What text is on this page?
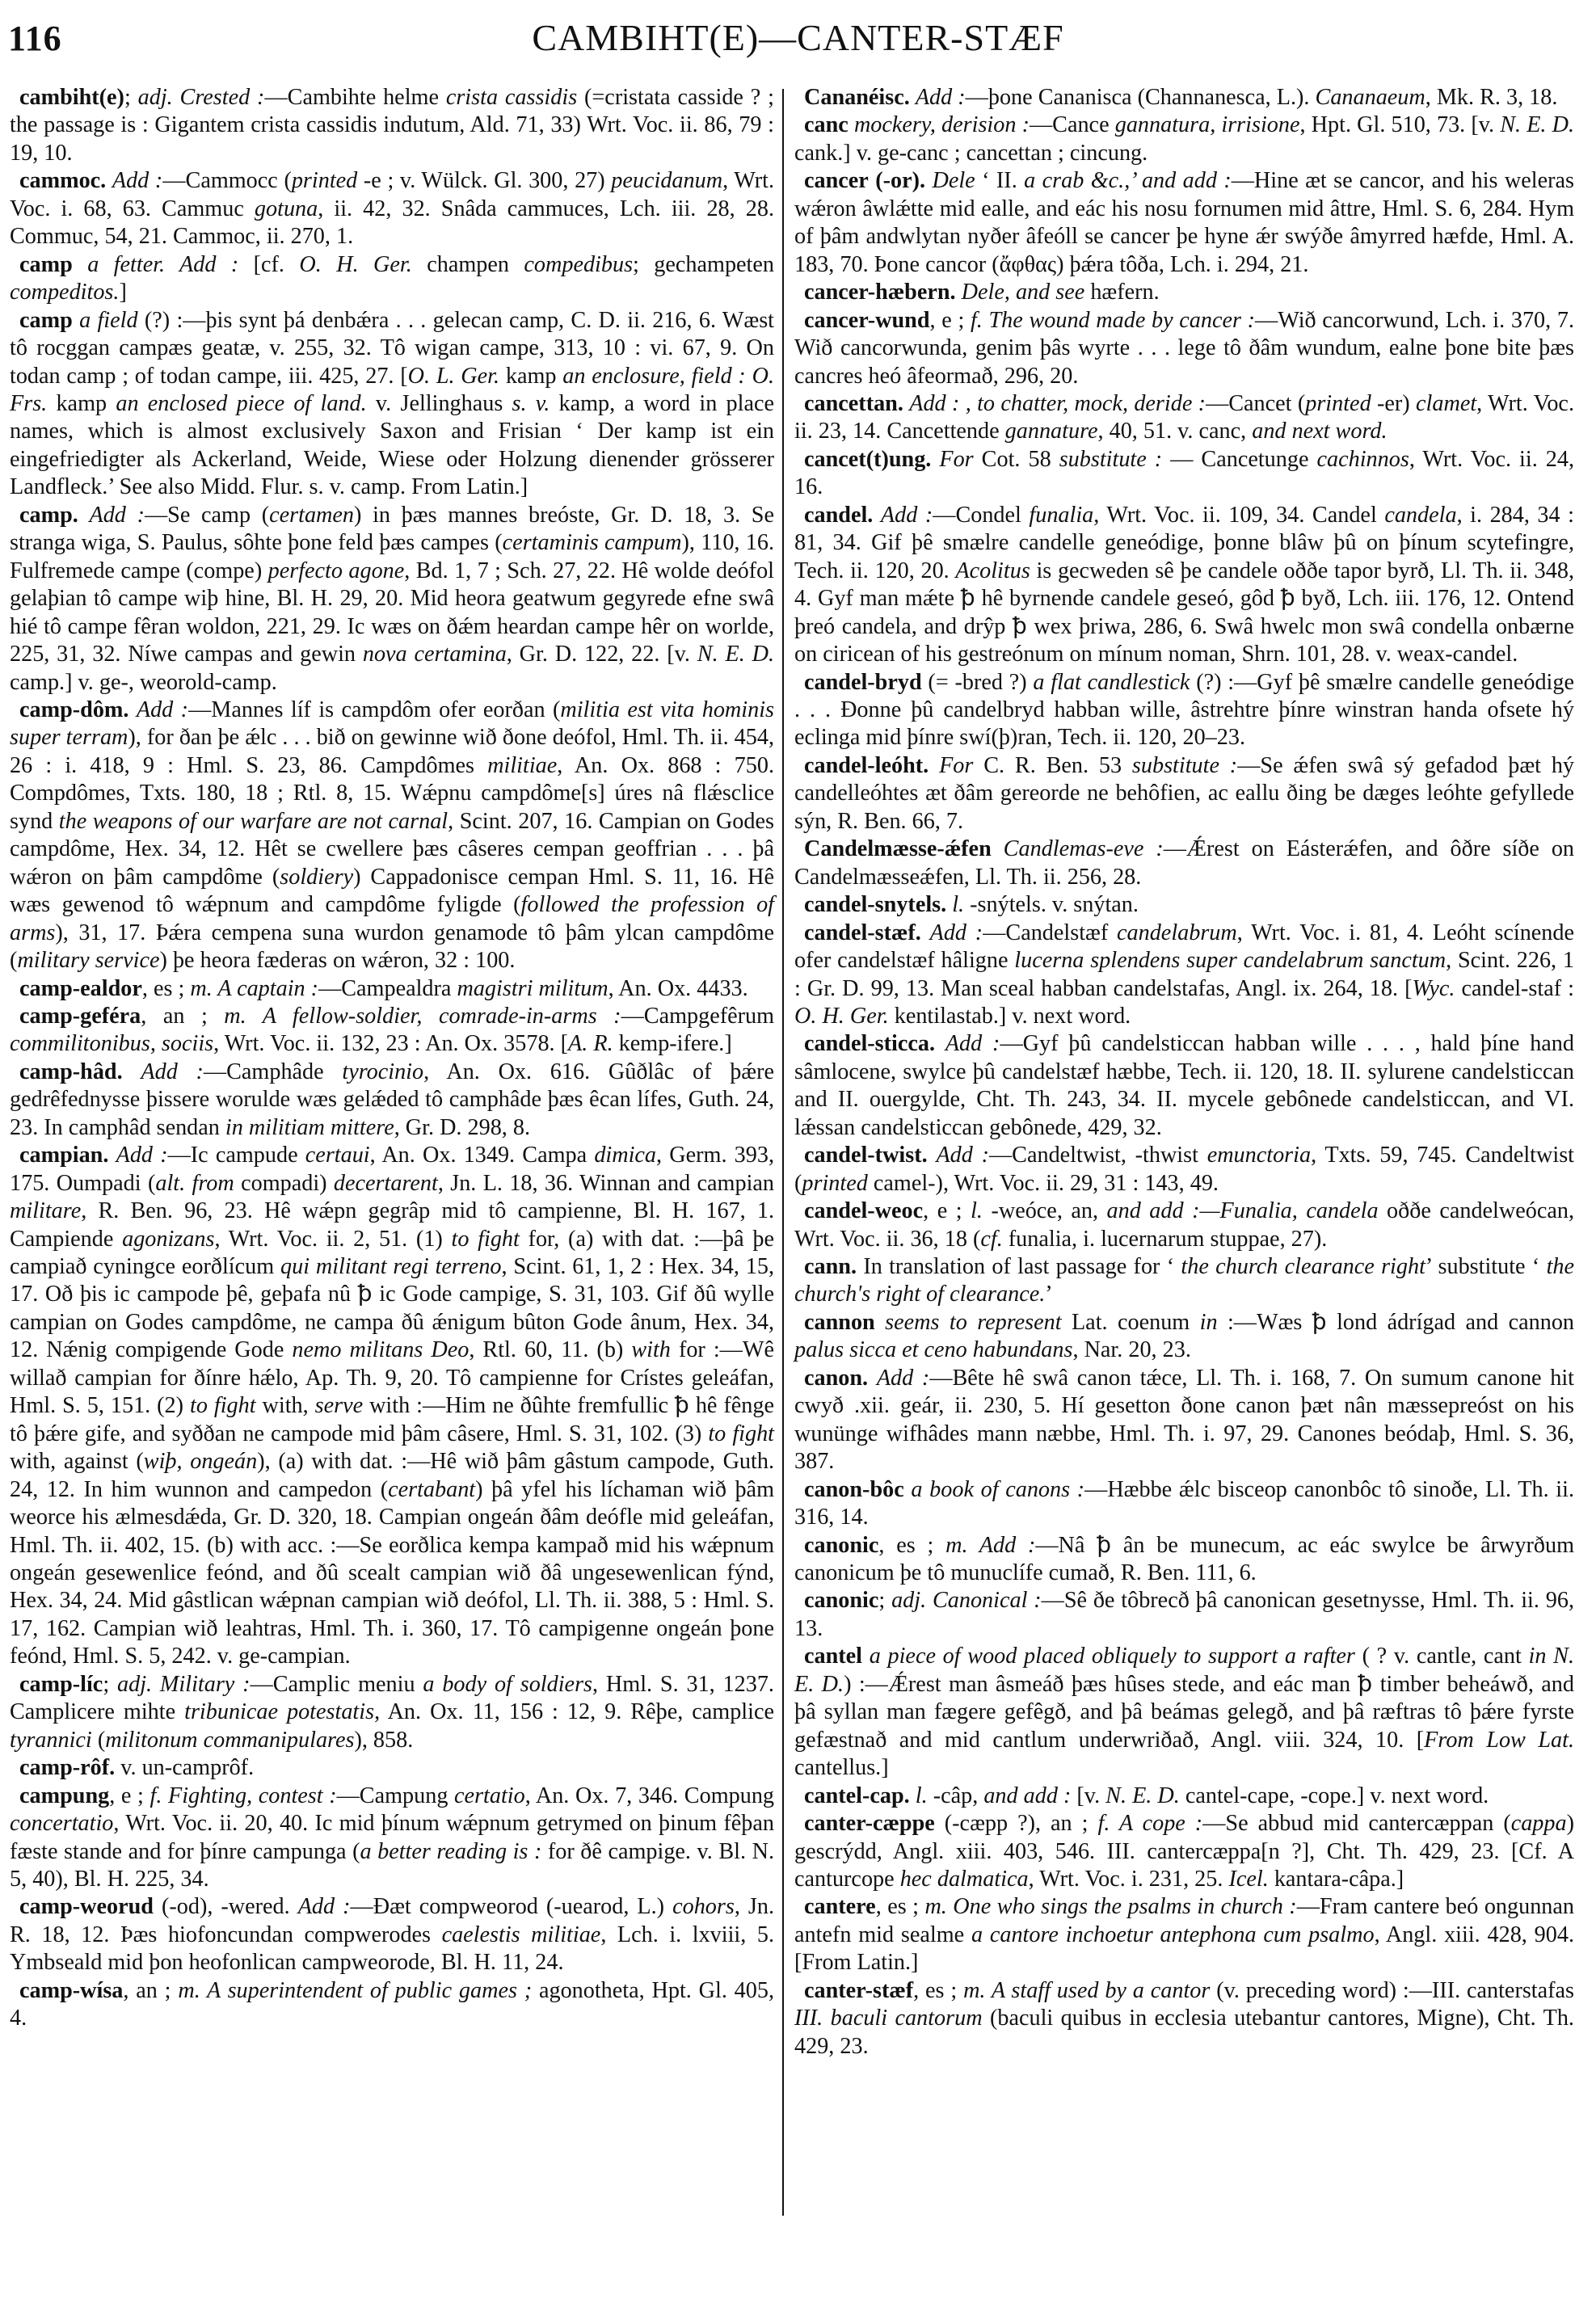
116	CAMBIHT(E)—CANTER-STÆF

cambiht(e); adj. Crested :—Cambihte helme crista cassidis (=cristata casside ? ; the passage is : Gigantem crista cassidis indutum, Ald. 71, 33) Wrt. Voc. ii. 86, 79 : 19, 10.

cammoc. Add :—Cammocc (printed -e ; v. Wülck. Gl. 300, 27) peucidanum, Wrt. Voc. i. 68, 63. Cammuc gotuna, ii. 42, 32. Snâda cammuces, Lch. iii. 28, 28. Commuc, 54, 21. Cammoc, ii. 270, 1.

camp a fetter. Add : [cf. O. H. Ger. champen compedibus; gechampeten compeditos.]

camp a field (?) :—þis synt þá denbǽra . . . gelecan camp, C. D. ii. 216, 6. Wæst tô rocggan campæs geatæ, v. 255, 32. Tô wigan campe, 313, 10 : vi. 67, 9. On todan camp ; of todan campe, iii. 425, 27. [O. L. Ger. kamp an enclosure, field : O. Frs. kamp an enclosed piece of land. v. Jellinghaus s. v. kamp, a word in place names, which is almost exclusively Saxon and Frisian ‘ Der kamp ist ein eingefriedigter als Ackerland, Weide, Wiese oder Holzung dienender grösserer Landfleck.’ See also Midd. Flur. s. v. camp. From Latin.]

camp. Add :—Se camp (certamen) in þæs mannes breóste, Gr. D. 18, 3. Se stranga wiga, S. Paulus, sôhte þone feld þæs campes (certaminis campum), 110, 16. Fulfremede campe (compe) perfecto agone, Bd. 1, 7 ; Sch. 27, 22. Hê wolde deófol gelaþian tô campe wiþ hine, Bl. H. 29, 20. Mid heora geatwum gegyrede efne swâ hié tô campe fêran woldon, 221, 29. Ic wæs on ðǽm heardan campe hêr on worlde, 225, 31, 32. Níwe campas and gewin nova certamina, Gr. D. 122, 22. [v. N. E. D. camp.] v. ge-, weorold-camp.

camp-dôm. Add :—Mannes líf is campdôm ofer eorðan (militia est vita hominis super terram), for ðan þe ǽlc . . . bið on gewinne wið ðone deófol, Hml. Th. ii. 454, 26 : i. 418, 9 : Hml. S. 23, 86. Campdômes militiae, An. Ox. 868 : 750. Compdômes, Txts. 180, 18 ; Rtl. 8, 15. Wǽpnu campdôme[s] úres nâ flǽsclice synd the weapons of our warfare are not carnal, Scint. 207, 16. Campian on Godes campdôme, Hex. 34, 12. Hêt se cwellere þæs câseres cempan geoffrian . . . þâ wǽron on þâm campdôme (soldiery) Cappadonisce cempan Hml. S. 11, 16. Hê wæs gewenod tô wǽpnum and campdôme fyligde (followed the profession of arms), 31, 17. Þǽra cempena suna wurdon genamode tô þâm ylcan campdôme (military service) þe heora fæderas on wǽron, 32 : 100.

camp-ealdor, es ; m. A captain :—Campealdra magistri militum, An. Ox. 4433.

camp-geféra, an ; m. A fellow-soldier, comrade-in-arms :—Campgefêrum commilitonibus, sociis, Wrt. Voc. ii. 132, 23 : An. Ox. 3578. [A. R. kemp-ifere.]

camp-hâd. Add :—Camphâde tyrocinio, An. Ox. 616. Gûðlâc of þǽre gedrêfednysse þissere worulde wæs gelǽded tô camphâde þæs êcan lífes, Guth. 24, 23. In camphâd sendan in militiam mittere, Gr. D. 298, 8.

campian. Add :—Ic campude certaui, An. Ox. 1349. Campa dimica, Germ. 393, 175. Oumpadi (alt. from compadi) decertarent, Jn. L. 18, 36. Winnan and campian militare, R. Ben. 96, 23. Hê wǽpn gegrâp mid tô campienne, Bl. H. 167, 1. Campiende agonizans, Wrt. Voc. ii. 2, 51. (1) to fight for, (a) with dat. :—þâ þe campiað cyningce eorðlícum qui militant regi terreno, Scint. 61, 1, 2 : Hex. 34, 15, 17. Oð þis ic campode þê, geþafa nû ꝥ ic Gode campige, S. 31, 103. Gif ðû wylle campian on Godes campdôme, ne campa ðû ǽnigum bûton Gode ânum, Hex. 34, 12. Nǽnig compigende Gode nemo militans Deo, Rtl. 60, 11. (b) with for :—Wê willað campian for ðínre hǽlo, Ap. Th. 9, 20. Tô campienne for Crístes geleáfan, Hml. S. 5, 151. (2) to fight with, serve with :—Him ne ðûhte fremfullic ꝥ hê fênge tô þǽre gife, and syððan ne campode mid þâm câsere, Hml. S. 31, 102. (3) to fight with, against (wiþ, ongeán), (a) with dat. :—Hê wið þâm gâstum campode, Guth. 24, 12. In him wunnon and campedon (certabant) þâ yfel his líchaman wið þâm weorce his ælmesdǽda, Gr. D. 320, 18. Campian ongeán ðâm deófle mid geleáfan, Hml. Th. ii. 402, 15. (b) with acc. :—Se eorðlica kempa kampað mid his wǽpnum ongeán gesewenlice feónd, and ðû scealt campian wið ðâ ungesewenlican fýnd, Hex. 34, 24. Mid gâstlican wǽpnan campian wið deófol, Ll. Th. ii. 388, 5 : Hml. S. 17, 162. Campian wið leahtras, Hml. Th. i. 360, 17. Tô campigenne ongeán þone feónd, Hml. S. 5, 242. v. ge-campian.

camp-líc; adj. Military :—Camplic meniu a body of soldiers, Hml. S. 31, 1237. Camplicere mihte tribunicae potestatis, An. Ox. 11, 156 : 12, 9. Rêþe, camplice tyrannici (militonum commanipulares), 858.

camp-rôf. v. un-camprôf.

campung, e ; f. Fighting, contest :—Campung certatio, An. Ox. 7, 346. Compung concertatio, Wrt. Voc. ii. 20, 40. Ic mid þínum wǽpnum getrymed on þinum fêþan fæste stande and for þínre campunga (a better reading is : for ðê campige. v. Bl. N. 5, 40), Bl. H. 225, 34.

camp-weorud (-od), -wered. Add :—Ðæt compweorod (-uearod, L.) cohors, Jn. R. 18, 12. Þæs hiofoncundan compwerodes caelestis militiae, Lch. i. lxviii, 5. Ymbseald mid þon heofonlican campweorode, Bl. H. 11, 24.

camp-wísa, an ; m. A superintendent of public games ; agonotheta, Hpt. Gl. 405, 4.

Cananéisc. Add :—þone Cananisca (Channanesca, L.). Cananaeum, Mk. R. 3, 18.

canc mockery, derision :—Cance gannatura, irrisione, Hpt. Gl. 510, 73. [v. N. E. D. cank.] v. ge-canc ; cancettan ; cincung.

cancer (-or). Dele ‘ II. a crab &c.,’ and add :—Hine æt se cancor, and his weleras wǽron âwlǽtte mid ealle, and eác his nosu fornumen mid âttre, Hml. S. 6, 284. Hym of þâm andwlytan nyðer âfeóll se cancer þe hyne ǽr swýðe âmyrred hæfde, Hml. A. 183, 70. Þone cancor (ἄφθας) þǽra tôða, Lch. i. 294, 21.

cancer-hæbern. Dele, and see hæfern.

cancer-wund, e ; f. The wound made by cancer :—Wið cancorwund, Lch. i. 370, 7. Wið cancorwunda, genim þâs wyrte . . . lege tô ðâm wundum, ealne þone bite þæs cancres heó âfeormað, 296, 20.

cancettan. Add : , to chatter, mock, deride :—Cancet (printed -er) clamet, Wrt. Voc. ii. 23, 14. Cancettende gannature, 40, 51. v. canc, and next word.

cancet(t)ung. For Cot. 58 substitute : — Cancetunge cachinnos, Wrt. Voc. ii. 24, 16.

candel. Add :—Condel funalia, Wrt. Voc. ii. 109, 34. Candel candela, i. 284, 34 : 81, 34. Gif þê smælre candelle geneódige, þonne blâw þû on þínum scytefingre, Tech. ii. 120, 20. Acolitus is gecweden sê þe candele oððe tapor byrð, Ll. Th. ii. 348, 4. Gyf man mǽte ꝥ hê byrnende candele geseó, gôd ꝥ byð, Lch. iii. 176, 12. Ontend þreó candela, and drŷp ꝥ wex þriwa, 286, 6. Swâ hwelc mon swâ condella onbærne on ciricean of his gestreónum on mínum noman, Shrn. 101, 28. v. weax-candel.

candel-bryd (= -bred ?) a flat candlestick (?) :—Gyf þê smælre candelle geneódige . . . Ðonne þû candelbryd habban wille, âstrehtre þínre winstran handa ofsete hý eclinga mid þínre swí(þ)ran, Tech. ii. 120, 20–23.

candel-leóht. For C. R. Ben. 53 substitute :—Se ǽfen swâ sý gefadod þæt hý candelleóhtes æt ðâm gereorde ne behôfien, ac eallu ðing be dæges leóhte gefyllede sýn, R. Ben. 66, 7.

Candelmæsse-ǽfen Candlemas-eve :—Ǽrest on Eásterǽfen, and ôðre síðe on Candelmæsseǽfen, Ll. Th. ii. 256, 28.

candel-snytels. l. -snýtels. v. snýtan.

candel-stæf. Add :—Candelstæf candelabrum, Wrt. Voc. i. 81, 4. Leóht scínende ofer candelstæf hâligne lucerna splendens super candelabrum sanctum, Scint. 226, 1 : Gr. D. 99, 13. Man sceal habban candelstafas, Angl. ix. 264, 18. [Wyc. candel-staf : O. H. Ger. kentilastab.] v. next word.

candel-sticca. Add :—Gyf þû candelsticcan habban wille . . . , hald þíne hand sâmlocene, swylce þû candelstæf hæbbe, Tech. ii. 120, 18. II. sylurene candelsticcan and II. ouergylde, Cht. Th. 243, 34. II. mycele gebônede candelsticcan, and VI. lǽssan candelsticcan gebônede, 429, 32.

candel-twist. Add :—Candeltwist, -thwist emunctoria, Txts. 59, 745. Candeltwist (printed camel-), Wrt. Voc. ii. 29, 31 : 143, 49.

candel-weoc, e ; l. -weóce, an, and add :—Funalia, candela oððe candelweócan, Wrt. Voc. ii. 36, 18 (cf. funalia, i. lucernarum stuppae, 27).

cann. In translation of last passage for ‘ the church clearance right’ substitute ‘ the church's right of clearance.’

cannon seems to represent Lat. coenum in :—Wæs ꝥ lond ádrígad and cannon palus sicca et ceno habundans, Nar. 20, 23.

canon. Add :—Bête hê swâ canon tǽce, Ll. Th. i. 168, 7. On sumum canone hit cwyð .xii. geár, ii. 230, 5. Hí gesetton ðone canon þæt nân mæssepreóst on his wunünge wifhâdes mann næbbe, Hml. Th. i. 97, 29. Canones beódaþ, Hml. S. 36, 387.

canon-bôc a book of canons :—Hæbbe ǽlc bisceop canonbôc tô sinoðe, Ll. Th. ii. 316, 14.

canonic, es ; m. Add :—Nâ ꝥ ân be munecum, ac eác swylce be ârwyrðum canonicum þe tô munuclífe cumað, R. Ben. 111, 6.

canonic; adj. Canonical :—Sê ðe tôbrecð þâ canonican gesetnysse, Hml. Th. ii. 96, 13.

cantel a piece of wood placed obliquely to support a rafter ( ? v. cantle, cant in N. E. D.) :—Ǽrest man âsmeáð þæs hûses stede, and eác man ꝥ timber beheáwð, and þâ syllan man fægere gefêgð, and þâ beámas gelegð, and þâ ræftras tô þǽre fyrste gefæstnað and mid cantlum underwriðað, Angl. viii. 324, 10. [From Low Lat. cantellus.]

cantel-cap. l. -câp, and add : [v. N. E. D. cantel-cape, -cope.] v. next word.

canter-cæppe (-cæpp ?), an ; f. A cope :—Se abbud mid cantercæppan (cappa) gescrýdd, Angl. xiii. 403, 546. III. cantercæppa[n ?], Cht. Th. 429, 23. [Cf. A canturcope hec dalmatica, Wrt. Voc. i. 231, 25. Icel. kantara-câpa.]

cantere, es ; m. One who sings the psalms in church :—Fram cantere beó ongunnan antefn mid sealme a cantore inchoetur antephona cum psalmo, Angl. xiii. 428, 904. [From Latin.]

canter-stæf, es ; m. A staff used by a cantor (v. preceding word) :—III. canterstafas III. baculi cantorum (baculi quibus in ecclesia utebantur cantores, Migne), Cht. Th. 429, 23.
